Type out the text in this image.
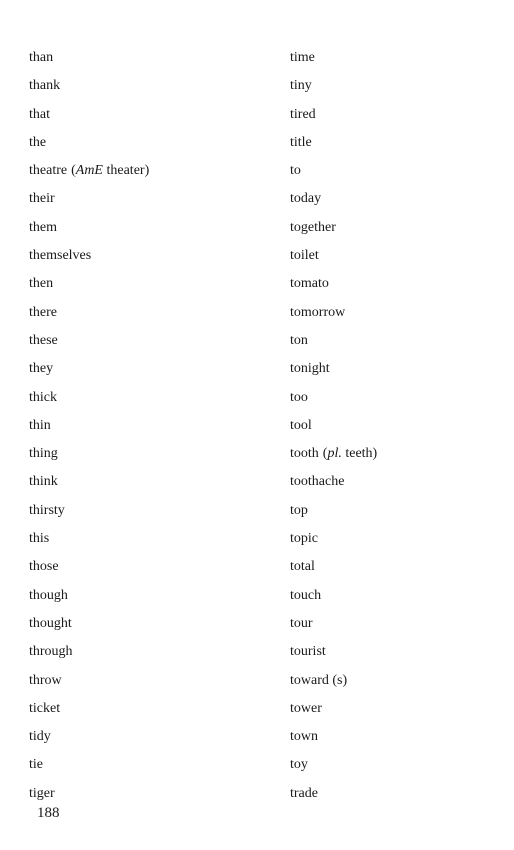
than
thank
that
the
theatre (AmE theater)
their
them
themselves
then
there
these
they
thick
thin
thing
think
thirsty
this
those
though
thought
through
throw
ticket
tidy
tie
tiger
time
tiny
tired
title
to
today
together
toilet
tomato
tomorrow
ton
tonight
too
tool
tooth (pl. teeth)
toothache
top
topic
total
touch
tour
tourist
toward (s)
tower
town
toy
trade
188
